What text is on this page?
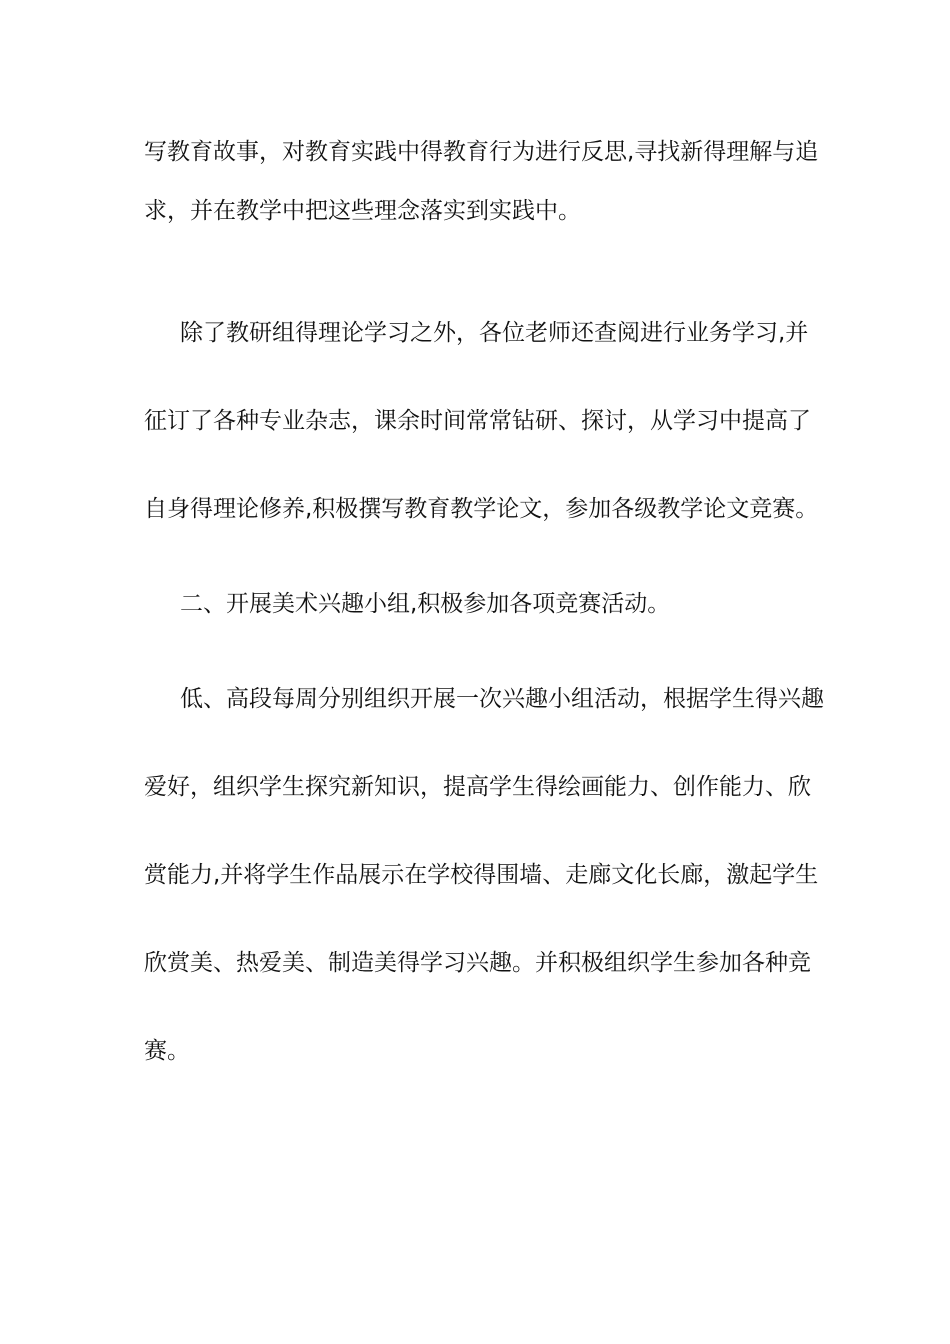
写教育故事，对教育实践中得教育行为进行反思,寻找新得理解与追
求，并在教学中把这些理念落实到实践中。
除了教研组得理论学习之外，各位老师还查阅进行业务学习,并
征订了各种专业杂志，课余时间常常钻研、探讨，从学习中提高了
自身得理论修养,积极撰写教育教学论文，参加各级教学论文竞赛。
二、开展美术兴趣小组,积极参加各项竞赛活动。
低、高段每周分别组织开展一次兴趣小组活动，根据学生得兴趣
爱好，组织学生探究新知识，提高学生得绘画能力、创作能力、欣
赏能力,并将学生作品展示在学校得围墙、走廊文化长廊，激起学生
欣赏美、热爱美、制造美得学习兴趣。并积极组织学生参加各种竞
赛。
